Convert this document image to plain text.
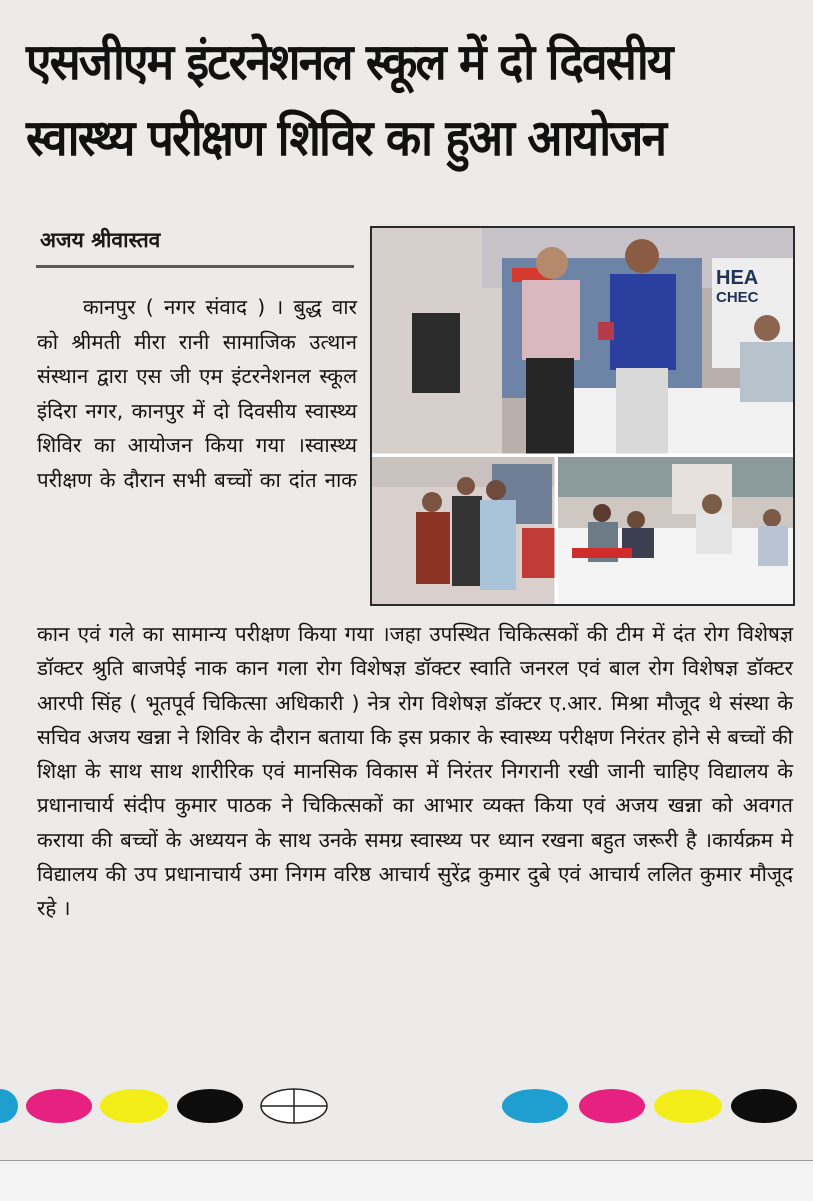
एसजीएम इंटरनेशनल स्कूल में दो दिवसीय स्वास्थ्य परीक्षण शिविर का हुआ आयोजन
अजय श्रीवास्तव

कानपुर ( नगर संवाद ) । बुद्ध वार को श्रीमती मीरा रानी सामाजिक उत्थान संस्थान द्वारा एस जी एम इंटरनेशनल स्कूल इंदिरा नगर, कानपुर में दो दिवसीय स्वास्थ्य शिविर का आयोजन किया गया ।स्वास्थ्य परीक्षण के दौरान सभी बच्चों का दांत नाक

HEA
CHEC

कान एवं गले का सामान्य परीक्षण किया गया ।जहा उपस्थित चिकित्सकों की टीम में दंत रोग विशेषज्ञ डॉक्टर श्रुति बाजपेई नाक कान गला रोग विशेषज्ञ डॉक्टर स्वाति जनरल एवं बाल रोग विशेषज्ञ डॉक्टर आरपी सिंह ( भूतपूर्व चिकित्सा अधिकारी ) नेत्र रोग विशेषज्ञ डॉक्टर ए.आर. मिश्रा मौजूद थे संस्था के सचिव अजय खन्ना ने शिविर के दौरान बताया कि इस प्रकार के स्वास्थ्य परीक्षण निरंतर होने से बच्चों की शिक्षा के साथ साथ शारीरिक एवं मानसिक विकास में निरंतर निगरानी रखी जानी चाहिए विद्यालय के प्रधानाचार्य संदीप कुमार पाठक ने चिकित्सकों का आभार व्यक्त किया एवं अजय खन्ना को अवगत कराया की बच्चों के अध्ययन के साथ उनके समग्र स्वास्थ्य पर ध्यान रखना बहुत जरूरी है ।कार्यक्रम मे विद्यालय की उप प्रधानाचार्य उमा निगम वरिष्ठ आचार्य सुरेंद्र कुमार दुबे एवं आचार्य ललित कुमार मौजूद रहे ।
